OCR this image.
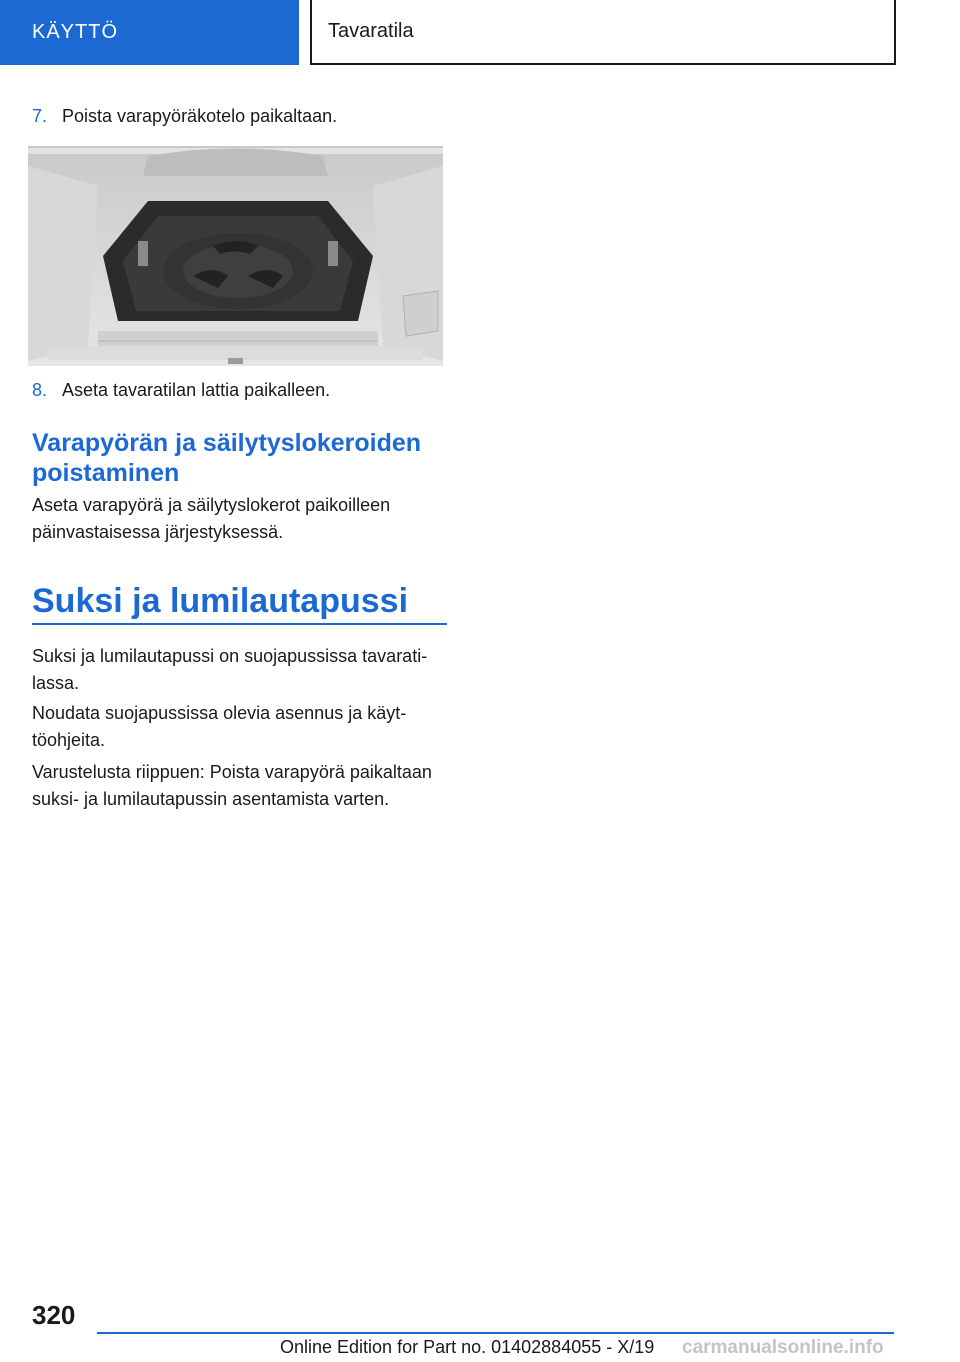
KÄYTTÖ	Tavaratila
7. Poista varapyöräkotelo paikaltaan.
8. Aseta tavaratilan lattia paikalleen.
Varapyörän ja säilytyslokeroiden poistaminen

Aseta varapyörä ja säilytyslokerot paikoilleen päinvastaisessa järjestyksessä.

Suksi ja lumilautapussi

Suksi ja lumilautapussi on suojapussissa tavaratilassa.

Noudata suojapussissa olevia asennus ja käyttöohjeita.

Varustelusta riippuen: Poista varapyörä paikaltaan suksi- ja lumilautapussin asentamista varten.

320
Online Edition for Part no. 01402884055 - X/19 carmanualsonline.info
